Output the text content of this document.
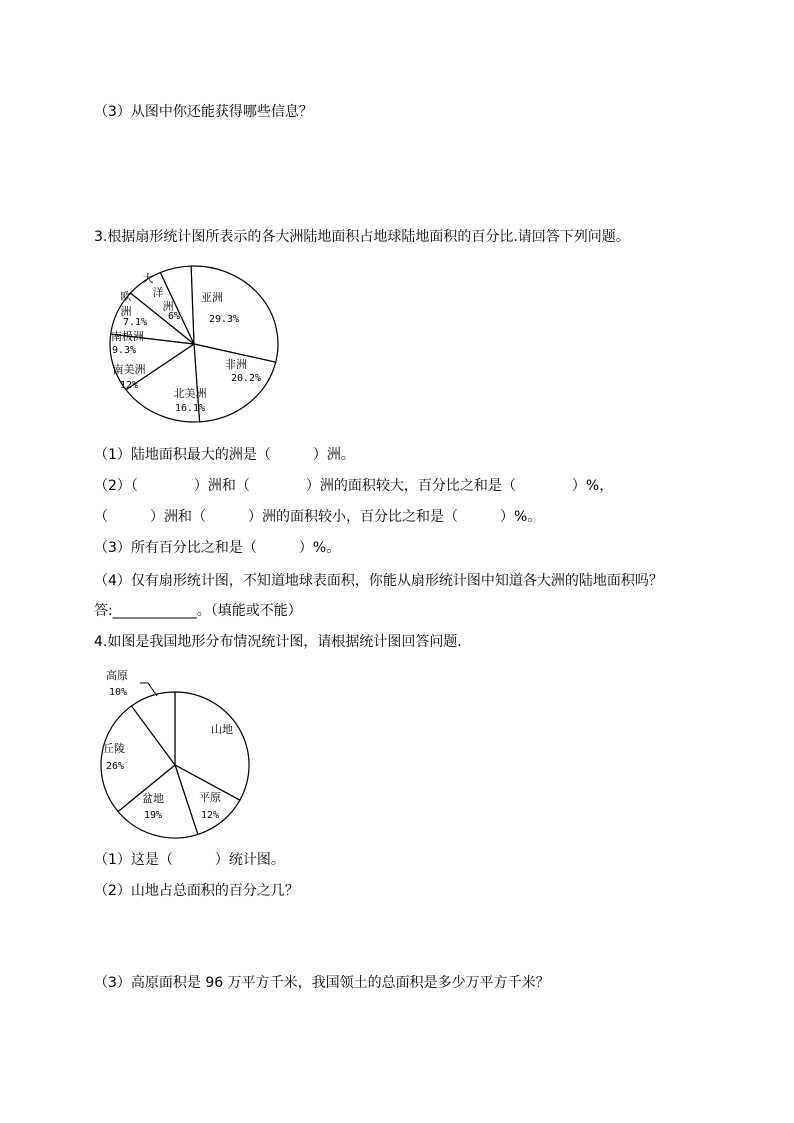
（3）从图中你还能获得哪些信息？
3.根据扇形统计图所表示的各大洲陆地面积占地球陆地面积的百分比.请回答下列问题。
亚洲
29.3%
非洲
20.2%
北美洲
16.1%
南美洲
12%
南极洲
9.3%
欧
洲
7.1%
大
洋
洲
6%
（1）陆地面积最大的洲是（　　　）洲。
（2）（　　　　）洲和（　　　　）洲的面积较大，百分比之和是（　　　　）%，
（　　　）洲和（　　　）洲的面积较小，百分比之和是（　　　）%。
（3）所有百分比之和是（　　　）%。
（4）仅有扇形统计图，不知道地球表面积，你能从扇形统计图中知道各大洲的陆地面积吗？答:____________。（填能或不能）
4.如图是我国地形分布情况统计图，请根据统计图回答问题.
山地
平原
12%
盆地
19%
丘陵
26%
高原
10%
（1）这是（　　　）统计图。
（2）山地占总面积的百分之几？
（3）高原面积是 96 万平方千米，我国领土的总面积是多少万平方千米？
